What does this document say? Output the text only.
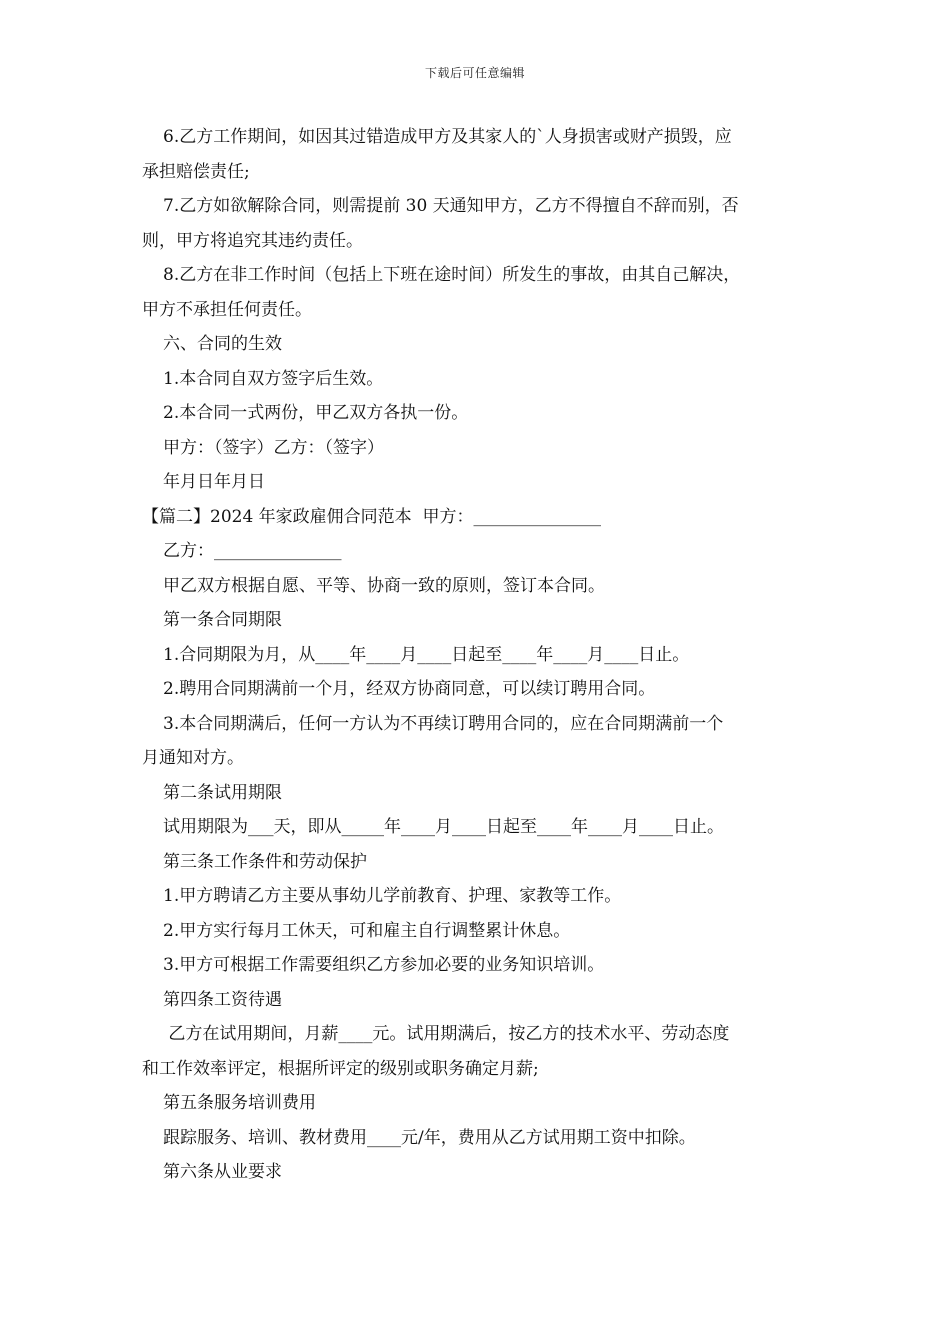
下载后可任意编辑

6.乙方工作期间，如因其过错造成甲方及其家人的`人身损害或财产损毁，应

承担赔偿责任;

7.乙方如欲解除合同，则需提前 30 天通知甲方，乙方不得擅自不辞而别，否

则，甲方将追究其违约责任。

8.乙方在非工作时间（包括上下班在途时间）所发生的事故，由其自己解决，

甲方不承担任何责任。

六、合同的生效

1.本合同自双方签字后生效。

2.本合同一式两份，甲乙双方各执一份。

甲方：（签字）乙方：（签字）

年月日年月日

【篇二】2024 年家政雇佣合同范本  甲方：_______________

乙方：_______________

甲乙双方根据自愿、平等、协商一致的原则，签订本合同。

第一条合同期限

1.合同期限为月，从____年____月____日起至____年____月____日止。

2.聘用合同期满前一个月，经双方协商同意，可以续订聘用合同。

3.本合同期满后，任何一方认为不再续订聘用合同的，应在合同期满前一个

月通知对方。

第二条试用期限

试用期限为___天，即从_____年____月____日起至____年____月____日止。

第三条工作条件和劳动保护

1.甲方聘请乙方主要从事幼儿学前教育、护理、家教等工作。

2.甲方实行每月工休天，可和雇主自行调整累计休息。

3.甲方可根据工作需要组织乙方参加必要的业务知识培训。

第四条工资待遇

乙方在试用期间，月薪____元。试用期满后，按乙方的技术水平、劳动态度

和工作效率评定，根据所评定的级别或职务确定月薪;

第五条服务培训费用

跟踪服务、培训、教材费用____元/年，费用从乙方试用期工资中扣除。

第六条从业要求
